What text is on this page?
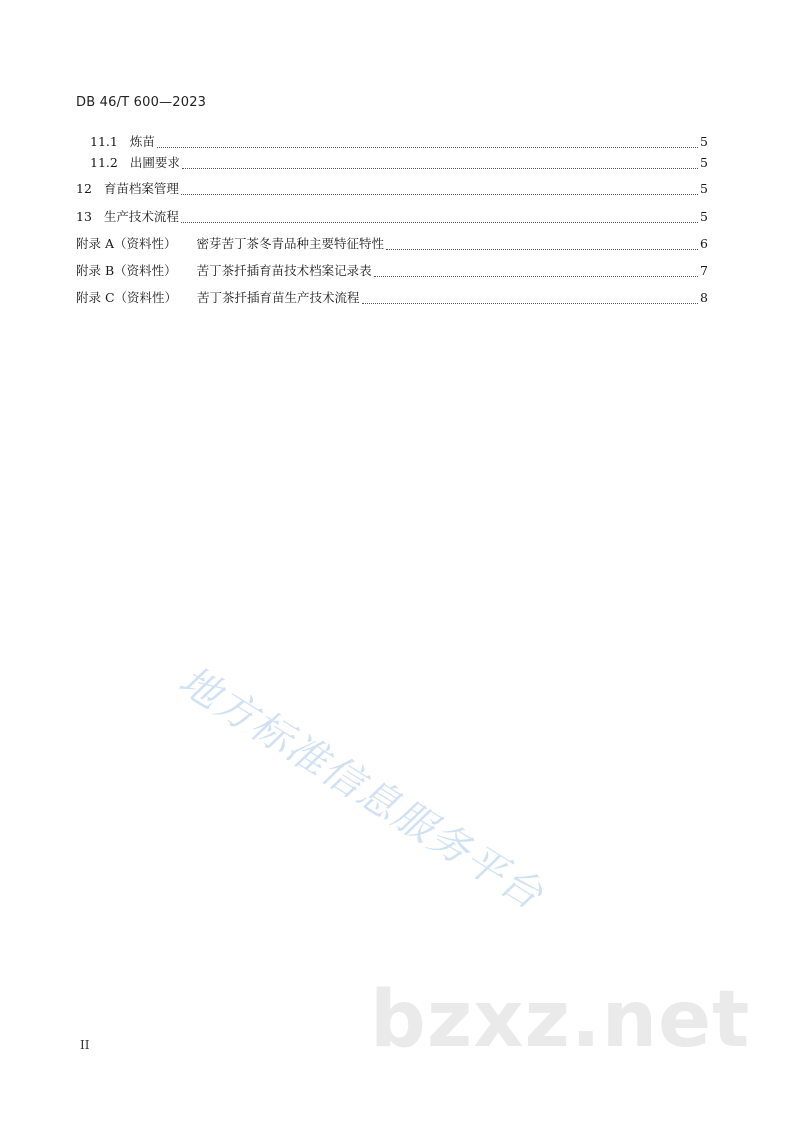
DB 46/T 600—2023
11.1 炼苗	5
11.2 出圃要求	5
12 育苗档案管理	5
13 生产技术流程	5
附录 A（资料性） 密芽苦丁茶冬青品种主要特征特性	6
附录 B（资料性） 苦丁茶扦插育苗技术档案记录表	7
附录 C（资料性） 苦丁茶扦插育苗生产技术流程	8
地方标准信息服务平台
bzxz.net
II
